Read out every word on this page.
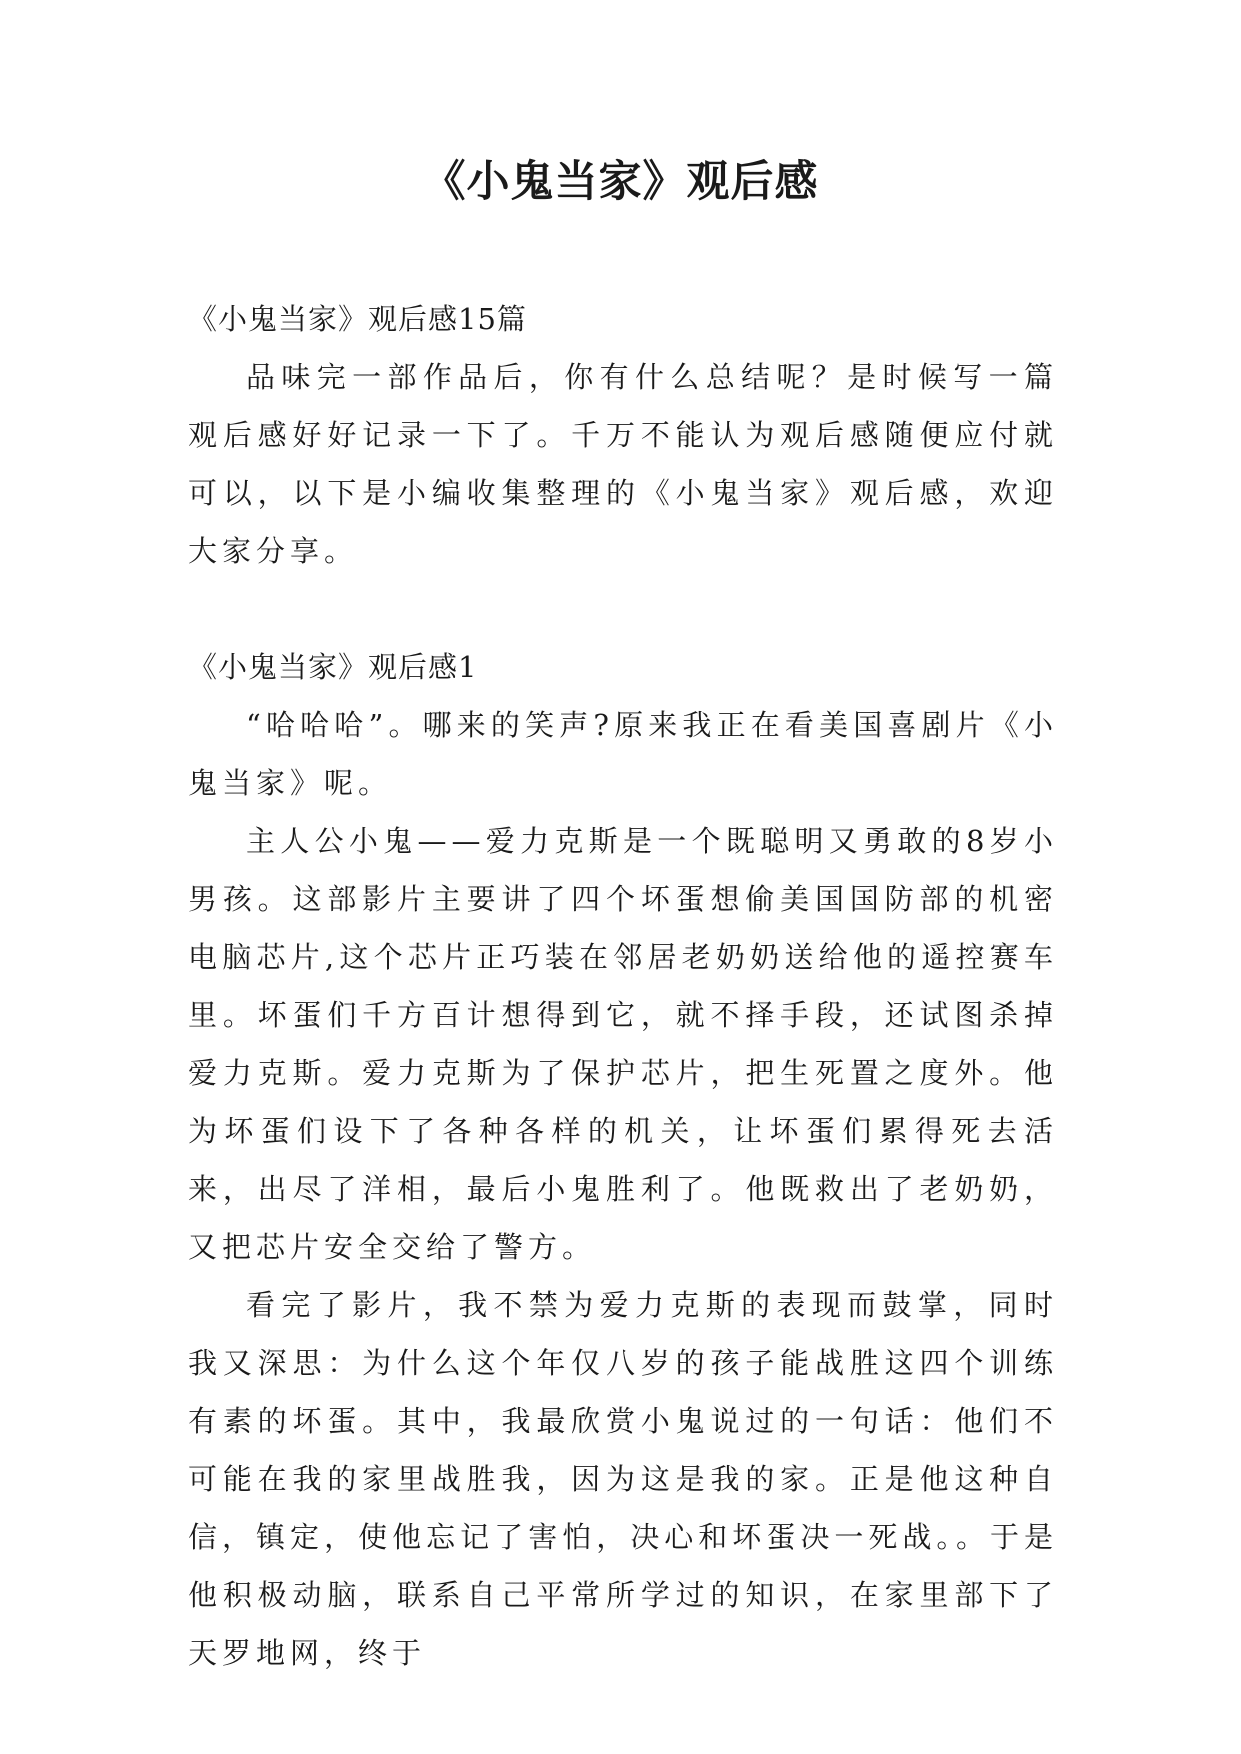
《小鬼当家》观后感

《小鬼当家》观后感15篇

品味完一部作品后，你有什么总结呢？是时候写一篇观后感好好记录一下了。千万不能认为观后感随便应付就可以，以下是小编收集整理的《小鬼当家》观后感，欢迎大家分享。

《小鬼当家》观后感1

“哈哈哈”。哪来的笑声?原来我正在看美国喜剧片《小鬼当家》呢。

主人公小鬼——爱力克斯是一个既聪明又勇敢的8岁小男孩。这部影片主要讲了四个坏蛋想偷美国国防部的机密电脑芯片,这个芯片正巧装在邻居老奶奶送给他的遥控赛车里。坏蛋们千方百计想得到它，就不择手段，还试图杀掉爱力克斯。爱力克斯为了保护芯片，把生死置之度外。他为坏蛋们设下了各种各样的机关，让坏蛋们累得死去活来，出尽了洋相，最后小鬼胜利了。他既救出了老奶奶，又把芯片安全交给了警方。

看完了影片，我不禁为爱力克斯的表现而鼓掌，同时我又深思：为什么这个年仅八岁的孩子能战胜这四个训练有素的坏蛋。其中，我最欣赏小鬼说过的一句话：他们不可能在我的家里战胜我，因为这是我的家。正是他这种自信，镇定，使他忘记了害怕，决心和坏蛋决一死战。。于是他积极动脑，联系自己平常所学过的知识，在家里部下了天罗地网，终于
